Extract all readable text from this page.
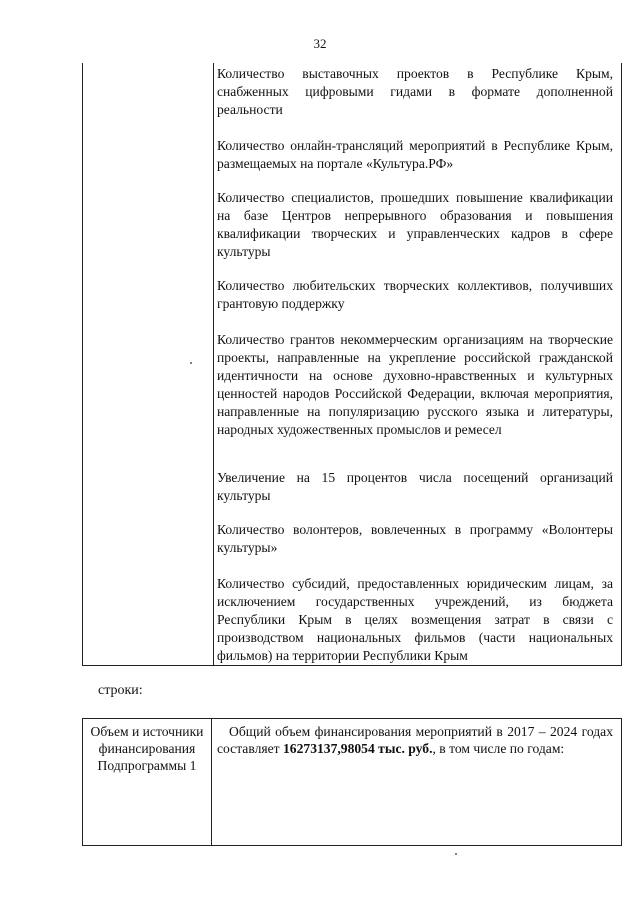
32

Количество выставочных проектов в Республике Крым, снабженных цифровыми гидами в формате дополненной реальности

Количество онлайн-трансляций мероприятий в Республике Крым, размещаемых на портале «Культура.РФ»

Количество специалистов, прошедших повышение квалификации на базе Центров непрерывного образования и повышения квалификации творческих и управленческих кадров в сфере культуры

Количество любительских творческих коллективов, получивших грантовую поддержку

Количество грантов некоммерческим организациям на творческие проекты, направленные на укрепление российской гражданской идентичности на основе духовно-нравственных и культурных ценностей народов Российской Федерации, включая мероприятия, направленные на популяризацию русского языка и литературы, народных художественных промыслов и ремесел

Увеличение на 15 процентов числа посещений организаций культуры

Количество волонтеров, вовлеченных в программу «Волонтеры культуры»

Количество субсидий, предоставленных юридическим лицам, за исключением государственных учреждений, из бюджета Республики Крым в целях возмещения затрат в связи с производством национальных фильмов (части национальных фильмов) на территории Республики Крым

строки:
Объем и источники финансирования Подпрограммы 1
Общий объем финансирования мероприятий в 2017 – 2024 годах составляет 16273137,98054 тыс. руб., в том числе по годам:
